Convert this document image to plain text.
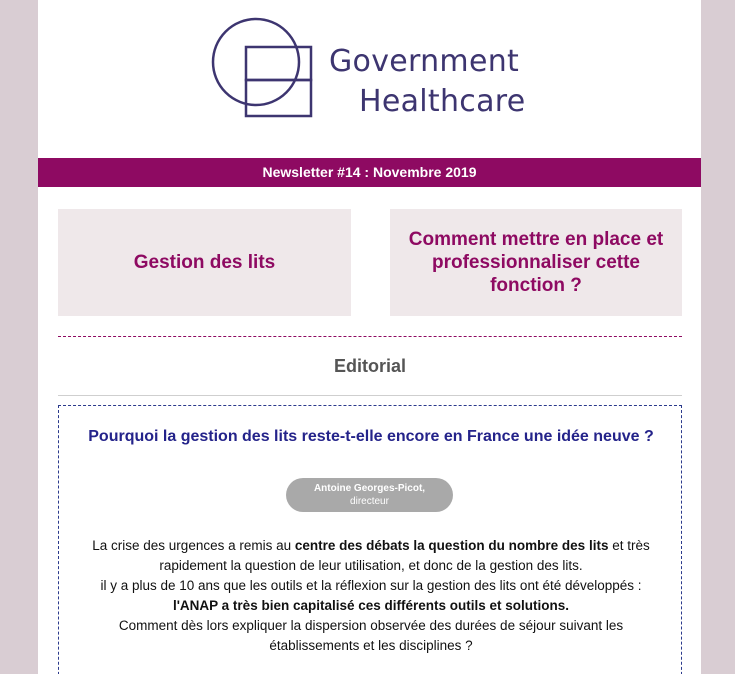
Government
Healthcare
Newsletter #14 : Novembre 2019
Gestion des lits
Comment mettre en place et professionnaliser cette fonction ?
Editorial
Pourquoi la gestion des lits reste-t-elle encore en France une idée neuve ?
Antoine Georges-Picot,
directeur

La crise des urgences a remis au centre des débats la question du nombre des lits et très rapidement la question de leur utilisation, et donc de la gestion des lits.

il y a plus de 10 ans que les outils et la réflexion sur la gestion des lits ont été développés : l'ANAP a très bien capitalisé ces différents outils et solutions.

Comment dès lors expliquer la dispersion observée des durées de séjour suivant les établissements et les disciplines ?
